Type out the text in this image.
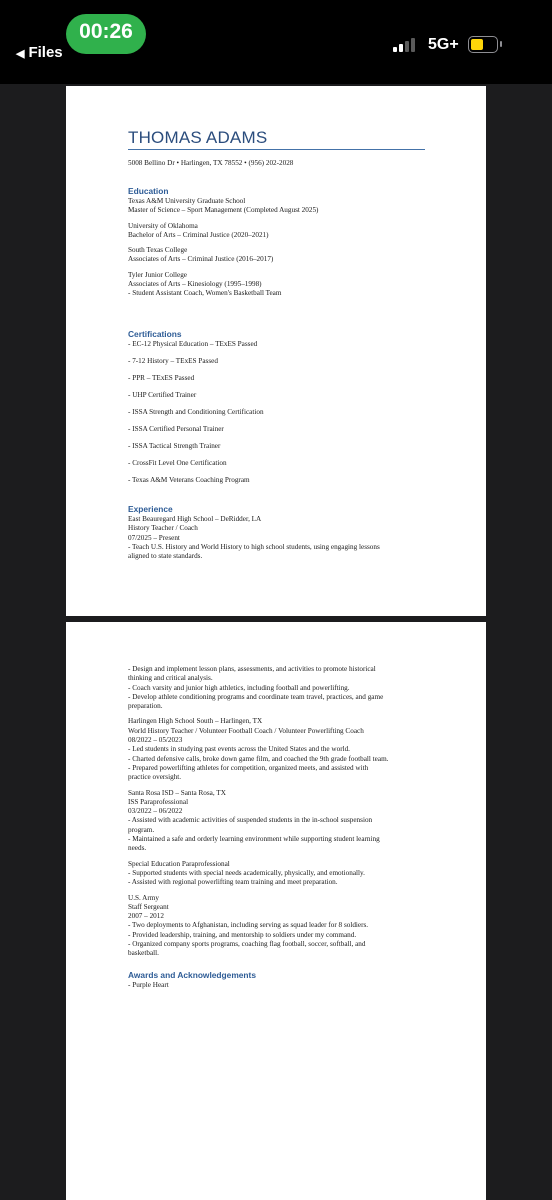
00:26
◀ Files	5G+
THOMAS ADAMS
5008 Bellino Dr • Harlingen, TX 78552 • (956) 202-2028
Education
Texas A&M University Graduate School
Master of Science – Sport Management (Completed August 2025)
University of Oklahoma
Bachelor of Arts – Criminal Justice (2020–2021)
South Texas College
Associates of Arts – Criminal Justice (2016–2017)
Tyler Junior College
Associates of Arts – Kinesiology (1995–1998)
- Student Assistant Coach, Women's Basketball Team
Certifications
- EC-12 Physical Education – TExES Passed
- 7-12 History – TExES Passed
- PPR – TExES Passed
- UHP Certified Trainer
- ISSA Strength and Conditioning Certification
- ISSA Certified Personal Trainer
- ISSA Tactical Strength Trainer
- CrossFit Level One Certification
- Texas A&M Veterans Coaching Program
Experience
East Beauregard High School – DeRidder, LA
History Teacher / Coach
07/2025 – Present
- Teach U.S. History and World History to high school students, using engaging lessons
aligned to state standards.
- Design and implement lesson plans, assessments, and activities to promote historical
thinking and critical analysis.
- Coach varsity and junior high athletics, including football and powerlifting.
- Develop athlete conditioning programs and coordinate team travel, practices, and game
preparation.
Harlingen High School South – Harlingen, TX
World History Teacher / Volunteer Football Coach / Volunteer Powerlifting Coach
08/2022 – 05/2023
- Led students in studying past events across the United States and the world.
- Charted defensive calls, broke down game film, and coached the 9th grade football team.
- Prepared powerlifting athletes for competition, organized meets, and assisted with
practice oversight.
Santa Rosa ISD – Santa Rosa, TX
ISS Paraprofessional
03/2022 – 06/2022
- Assisted with academic activities of suspended students in the in-school suspension
program.
- Maintained a safe and orderly learning environment while supporting student learning
needs.
Special Education Paraprofessional
- Supported students with special needs academically, physically, and emotionally.
- Assisted with regional powerlifting team training and meet preparation.
U.S. Army
Staff Sergeant
2007 – 2012
- Two deployments to Afghanistan, including serving as squad leader for 8 soldiers.
- Provided leadership, training, and mentorship to soldiers under my command.
- Organized company sports programs, coaching flag football, soccer, softball, and
basketball.
Awards and Acknowledgements
- Purple Heart
